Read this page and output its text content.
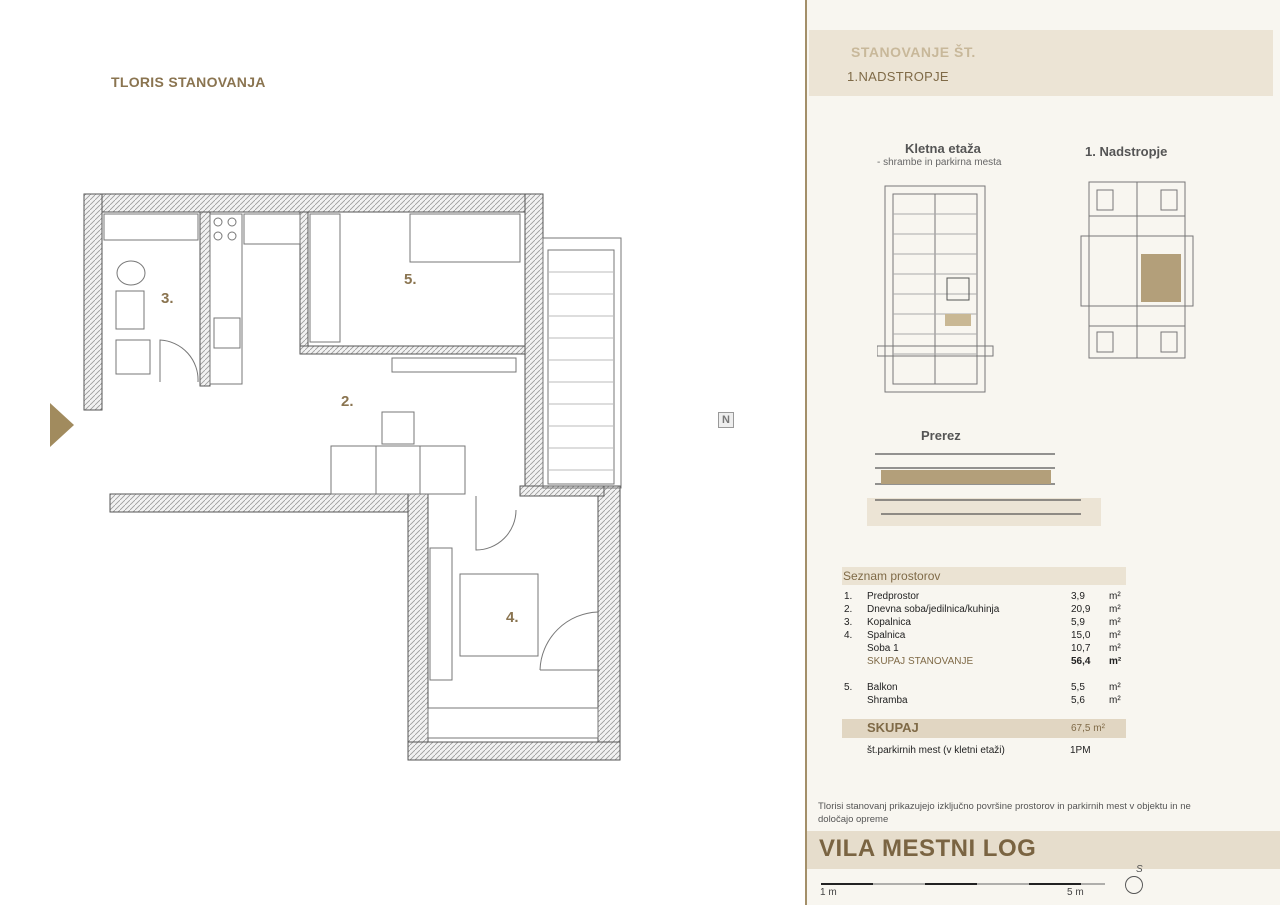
TLORIS STANOVANJA
3.
5.
2.
4.
N
STANOVANJE ŠT.
1.NADSTROPJE
Kletna etaža
- shrambe in parkirna mesta
1. Nadstropje
Prerez
Seznam prostorov
1.	Predprostor	3,9 m²
2.	Dnevna soba/jedilnica/kuhinja	20,9 m²
3.	Kopalnica	5,9 m²
4.	Spalnica	15,0 m²
Soba 1	10,7 m²
SKUPAJ STANOVANJE	56,4 m²
5.	Balkon	5,5 m²
Shramba	5,6 m²
SKUPAJ	67,5 m²
št.parkirnih mest (v kletni etaži)	1PM
Tlorisi stanovanj prikazujejo izključno površine prostorov in parkirnih mest v objektu in ne določajo opreme
VILA MESTNI LOG
1 m	5 m
S
